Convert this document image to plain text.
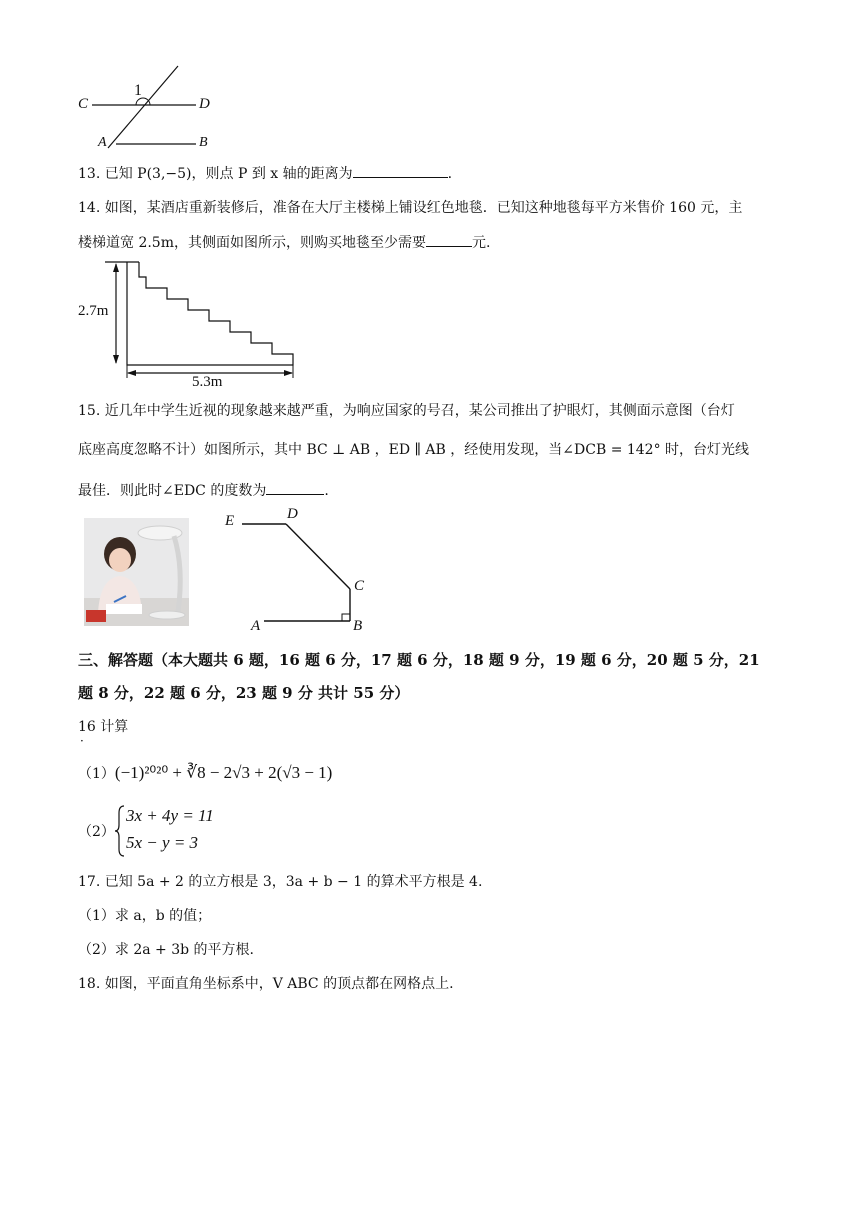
C	D
A	B
1
13. 已知 P(3,−5)，则点 P 到 x 轴的距离为	.
14. 如图，某酒店重新装修后，准备在大厅主楼梯上铺设红色地毯．已知这种地毯每平方米售价 160 元，主
楼梯道宽 2.5m，其侧面如图所示，则购买地毯至少需要	元.
2.7m
5.3m
15. 近几年中学生近视的现象越来越严重，为响应国家的号召，某公司推出了护眼灯，其侧面示意图（台灯
底座高度忽略不计）如图所示，其中 BC ⊥ AB ，ED ∥ AB ，经使用发现，当∠DCB = 142° 时，台灯光线
最佳．则此时∠EDC 的度数为	.
E	D
C
A	B
三、解答题（本大题共 6 题，16 题 6 分，17 题 6 分，18 题 9 分，19 题 6 分，20 题 5 分，21
题 8 分，22 题 6 分，23 题 9 分 共计 55 分）
16 计算
·
（1）(−1)²⁰²⁰ + ∛8 − 2√3 + 2(√3 − 1)
（2）
3x + 4y = 11
5x − y = 3
17. 已知 5a + 2 的立方根是 3，3a + b − 1 的算术平方根是 4.
（1）求 a，b 的值；
（2）求 2a + 3b 的平方根.
18. 如图，平面直角坐标系中，V ABC 的顶点都在网格点上.
